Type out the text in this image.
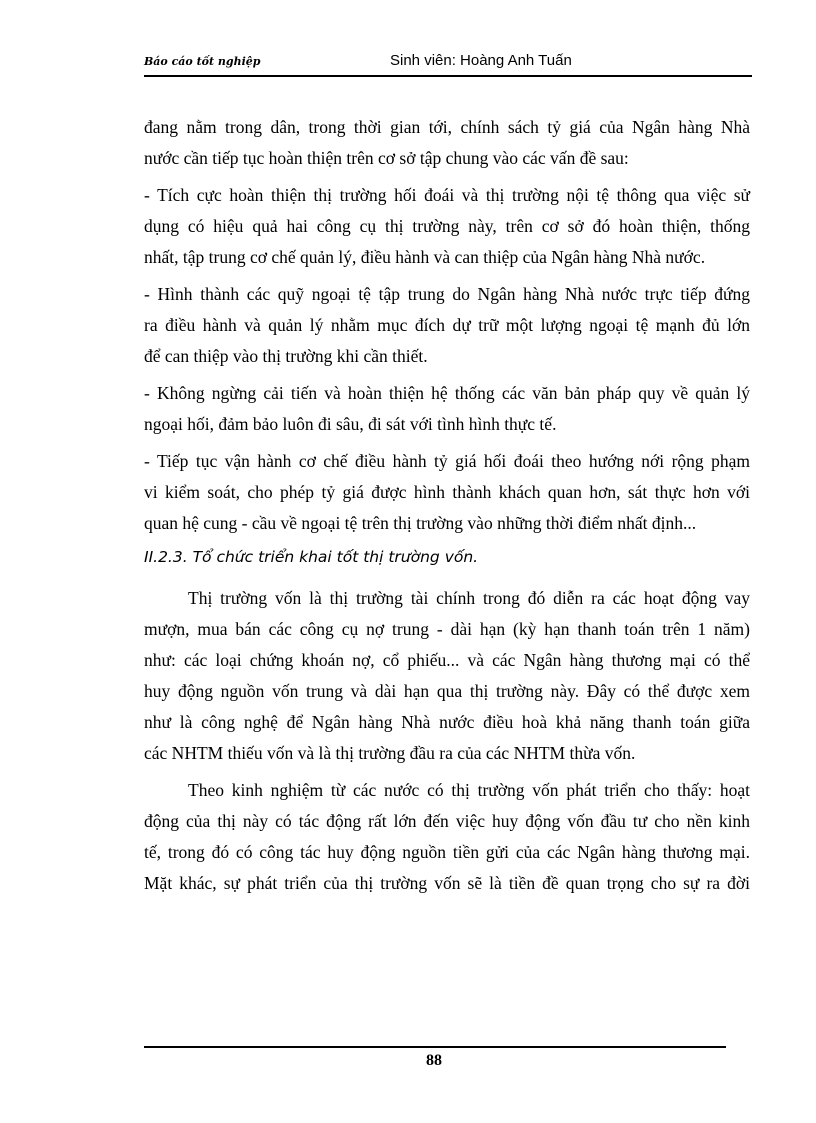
Báo cáo tốt nghiệp	Sinh viên: Hoàng Anh Tuấn
đang nằm trong dân, trong thời gian tới, chính sách tỷ giá của Ngân hàng Nhà
nước cần tiếp tục hoàn thiện trên cơ sở tập chung vào các vấn đề sau:
- Tích cực hoàn thiện thị trường hối đoái và thị trường nội tệ thông qua việc sử
dụng có hiệu quả hai công cụ thị trường này, trên cơ sở đó hoàn thiện, thống
nhất, tập trung cơ chế quản lý, điều hành và can thiệp của Ngân hàng Nhà nước.
- Hình thành các quỹ ngoại tệ tập trung do Ngân hàng Nhà nước trực tiếp đứng
ra điều hành và quản lý nhằm mục đích dự trữ một lượng ngoại tệ mạnh đủ lớn
để can thiệp vào thị trường khi cần thiết.
- Không ngừng cải tiến và hoàn thiện hệ thống các văn bản pháp quy về quản lý
ngoại hối, đảm bảo luôn đi sâu, đi sát với tình hình thực tế.
- Tiếp tục vận hành cơ chế điều hành tỷ giá hối đoái theo hướng nới rộng phạm
vi kiểm soát, cho phép tỷ giá được hình thành khách quan hơn, sát thực hơn với
quan hệ cung - cầu về ngoại tệ trên thị trường vào những thời điểm nhất định...
II.2.3. Tổ chức triển khai tốt thị trường vốn.
Thị trường vốn là thị trường tài chính trong đó diễn ra các hoạt động vay
mượn, mua bán các công cụ nợ trung - dài hạn (kỳ hạn thanh toán trên 1 năm)
như: các loại chứng khoán nợ, cổ phiếu... và các Ngân hàng thương mại có thể
huy động nguồn vốn trung và dài hạn qua thị trường này. Đây có thể được xem
như là công nghệ để Ngân hàng Nhà nước điều hoà khả năng thanh toán giữa
các NHTM thiếu vốn và là thị trường đầu ra của các NHTM thừa vốn.
Theo kinh nghiệm từ các nước có thị trường vốn phát triển cho thấy: hoạt
động của thị này có tác động rất lớn đến việc huy động vốn đầu tư cho nền kinh
tế, trong đó có công tác huy động nguồn tiền gửi của các Ngân hàng thương mại.
Mặt khác, sự phát triển của thị trường vốn sẽ là tiền đề quan trọng cho sự ra đời
88
